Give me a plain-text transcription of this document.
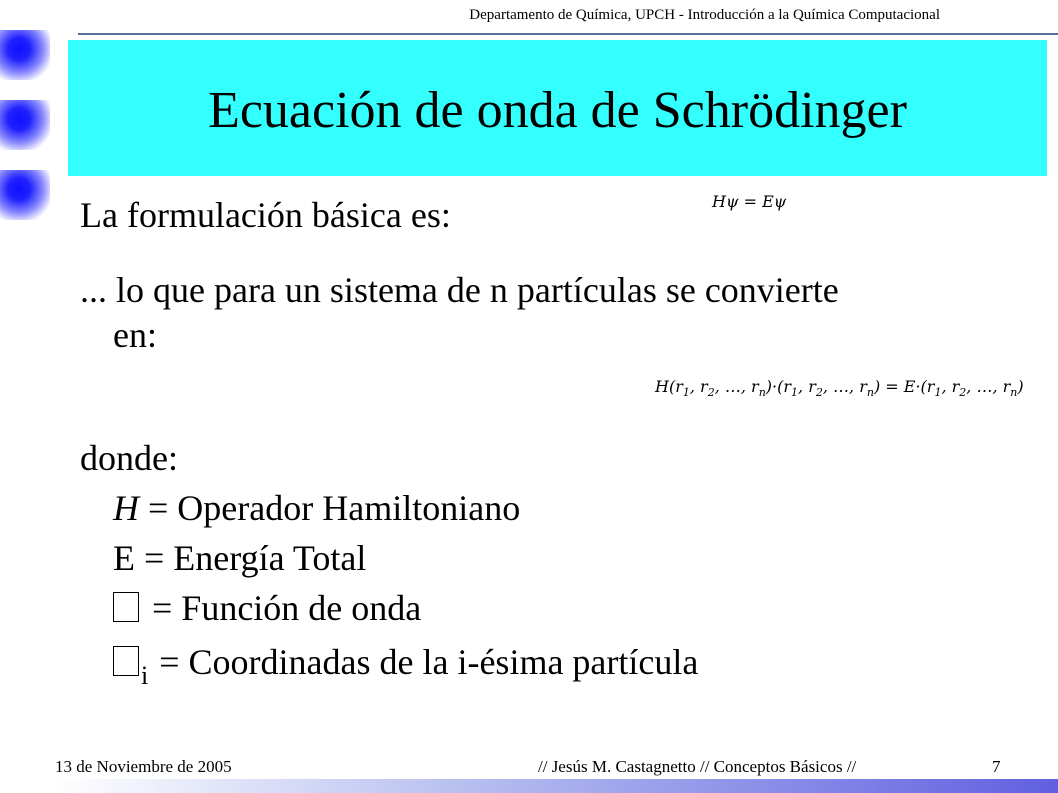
Departamento de Química, UPCH - Introducción a la Química Computacional
Ecuación de onda de Schrödinger
La formulación básica es:	H𝜓 = E𝜓
... lo que para un sistema de n partículas se convierte
en:
H(𝑟$_1$, 𝑟$_2$, …, 𝑟$_n$)·(𝑟$_1$, 𝑟$_2$, …, 𝑟$_n$) = E·(𝑟$_1$, 𝑟$_2$, …, 𝑟$_n$)
donde:
H = Operador Hamiltoniano
E = Energía Total
= Función de onda
$_i$ = Coordinadas de la i-ésima partícula
13 de Noviembre de 2005	// Jesús M. Castagnetto // Conceptos Básicos //	7
